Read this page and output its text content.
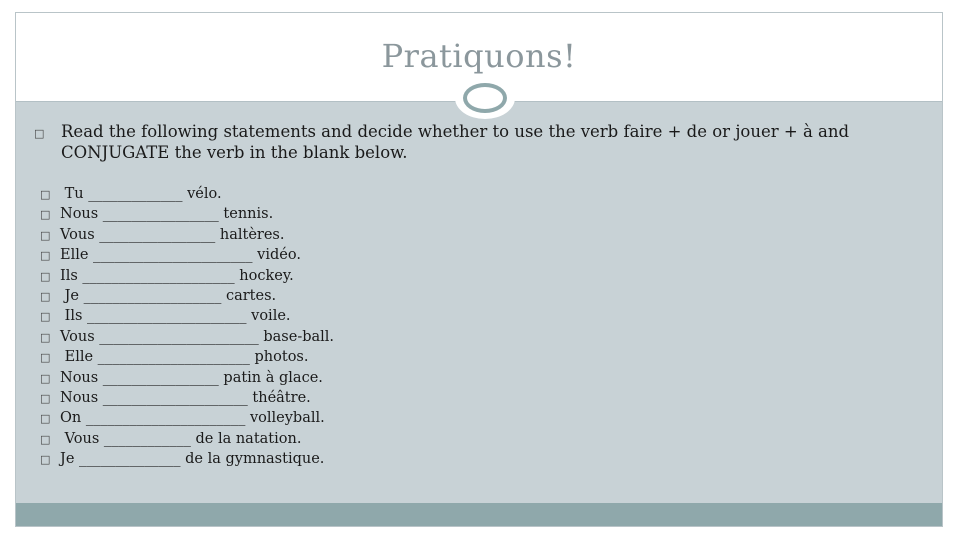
Pratiquons!
□ Read the following statements and decide whether to use the verb faire + de or jouer + à and CONJUGATE the verb in the blank below.
□ Tu _____________ vélo.
□ Nous ________________ tennis.
□ Vous ________________ haltères.
□ Elle ______________________ vidéo.
□ Ils _____________________ hockey.
□ Je ___________________ cartes.
□ Ils ______________________ voile.
□ Vous ______________________ base-ball.
□ Elle _____________________ photos.
□ Nous ________________ patin à glace.
□ Nous ____________________ théâtre.
□ On ______________________ volleyball.
□ Vous ____________ de la natation.
□ Je ______________ de la gymnastique.
